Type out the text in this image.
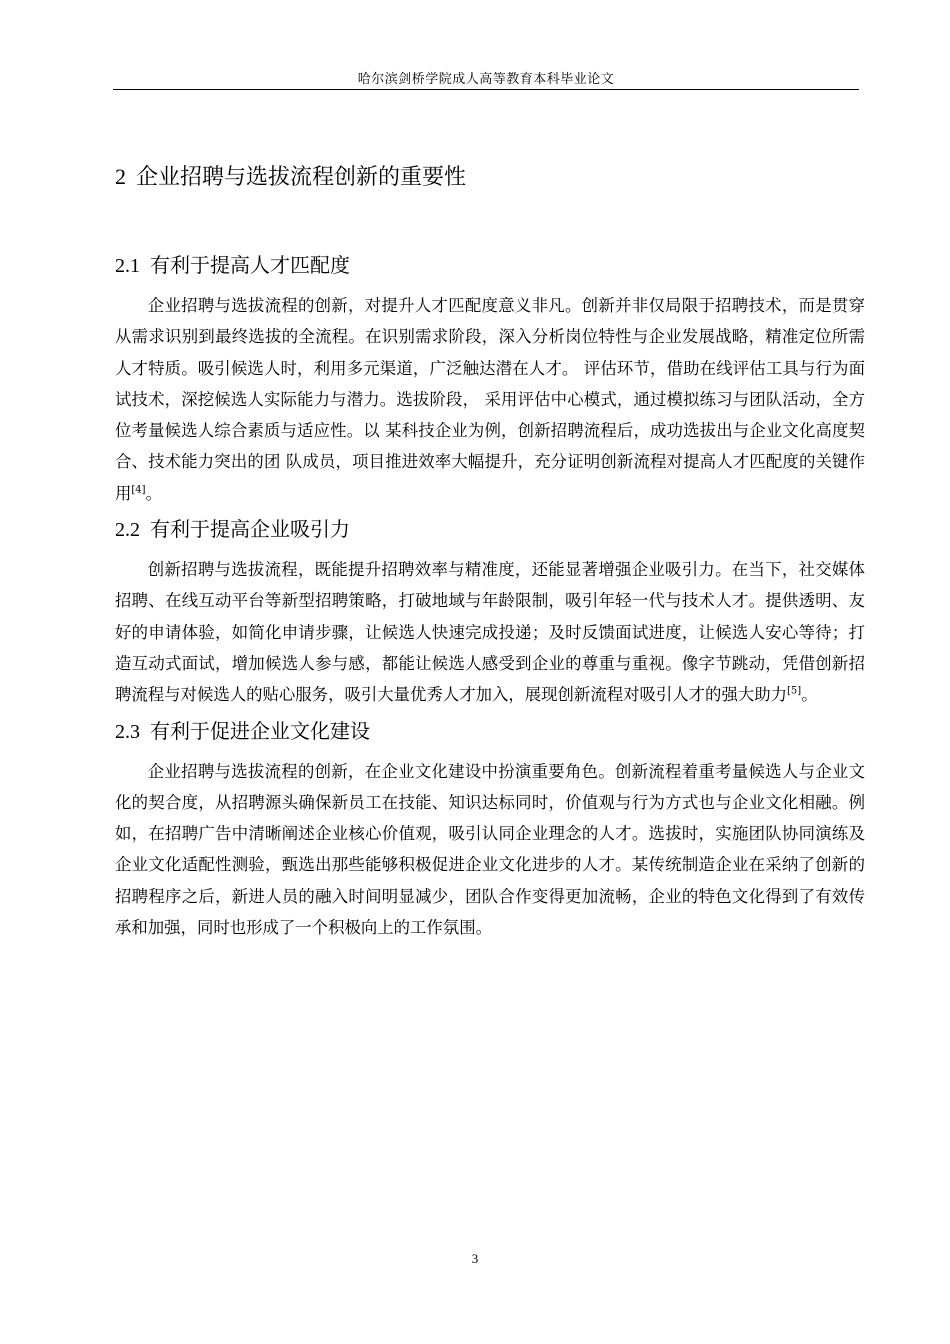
哈尔滨剑桥学院成人高等教育本科毕业论文
2 企业招聘与选拔流程创新的重要性
2.1 有利于提高人才匹配度

企业招聘与选拔流程的创新，对提升人才匹配度意义非凡。创新并非仅局限于招聘技术，而是贯穿从需求识别到最终选拔的全流程。在识别需求阶段，深入分析岗位特性与企业发展战略，精准定位所需人才特质。吸引候选人时，利用多元渠道，广泛触达潜在人才。 评估环节，借助在线评估工具与行为面试技术，深挖候选人实际能力与潜力。选拔阶段， 采用评估中心模式，通过模拟练习与团队活动，全方位考量候选人综合素质与适应性。以 某科技企业为例，创新招聘流程后，成功选拔出与企业文化高度契合、技术能力突出的团 队成员，项目推进效率大幅提升，充分证明创新流程对提高人才匹配度的关键作用[4]。

2.2 有利于提高企业吸引力

创新招聘与选拔流程，既能提升招聘效率与精准度，还能显著增强企业吸引力。在当下，社交媒体招聘、在线互动平台等新型招聘策略，打破地域与年龄限制，吸引年轻一代与技术人才。提供透明、友好的申请体验，如简化申请步骤，让候选人快速完成投递；及时反馈面试进度，让候选人安心等待；打造互动式面试，增加候选人参与感，都能让候选人感受到企业的尊重与重视。像字节跳动，凭借创新招聘流程与对候选人的贴心服务，吸引大量优秀人才加入，展现创新流程对吸引人才的强大助力[5]。

2.3 有利于促进企业文化建设

企业招聘与选拔流程的创新，在企业文化建设中扮演重要角色。创新流程着重考量候选人与企业文化的契合度，从招聘源头确保新员工在技能、知识达标同时，价值观与行为方式也与企业文化相融。例如，在招聘广告中清晰阐述企业核心价值观，吸引认同企业理念的人才。选拔时，实施团队协同演练及企业文化适配性测验，甄选出那些能够积极促进企业文化进步的人才。某传统制造企业在采纳了创新的招聘程序之后，新进人员的融入时间明显减少，团队合作变得更加流畅，企业的特色文化得到了有效传承和加强，同时也形成了一个积极向上的工作氛围。

3
